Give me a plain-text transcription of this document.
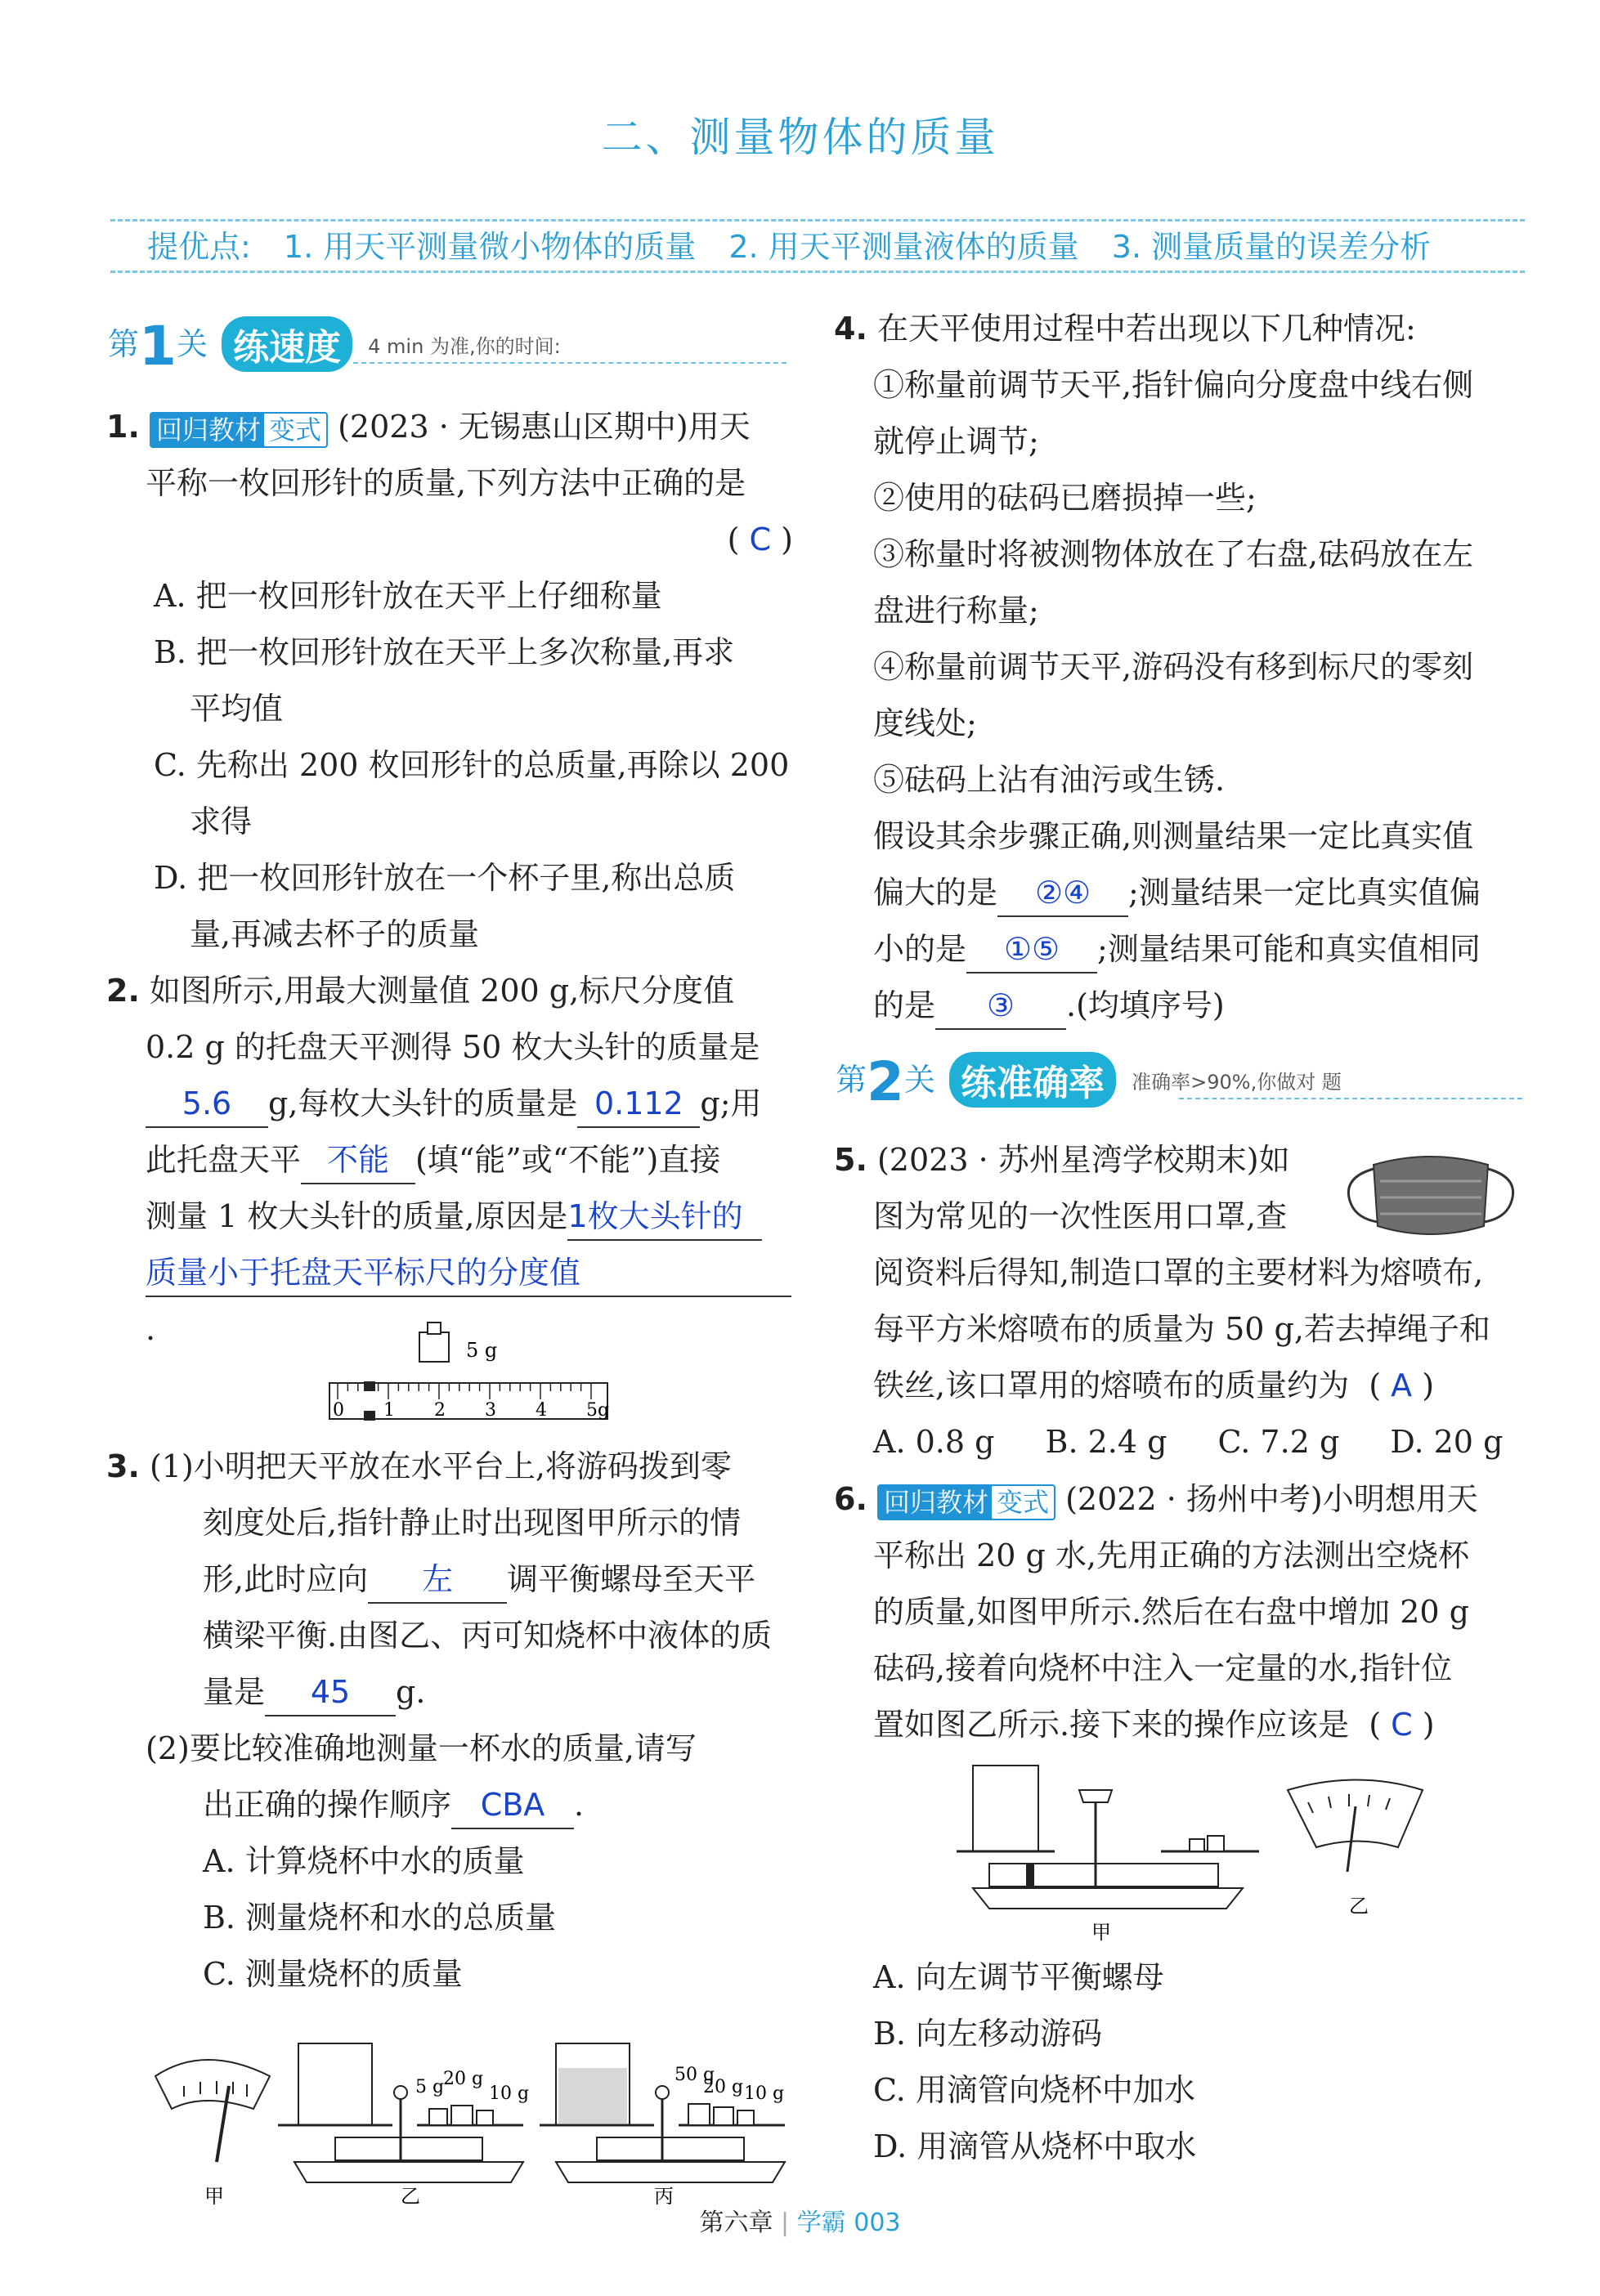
二、测量物体的质量
提优点: 1. 用天平测量微小物体的质量 2. 用天平测量液体的质量 3. 测量质量的误差分析
第1关 练速度 4 min 为准,你的时间:

1. 回归教材 变式 (2023 · 无锡惠山区期中)用天

平称一枚回形针的质量,下列方法中正确的是

( C )

A. 把一枚回形针放在天平上仔细称量

B. 把一枚回形针放在天平上多次称量,再求

平均值

C. 先称出 200 枚回形针的总质量,再除以 200

求得

D. 把一枚回形针放在一个杯子里,称出总质

量,再减去杯子的质量

2. 如图所示,用最大测量值 200 g,标尺分度值

0.2 g 的托盘天平测得 50 枚大头针的质量是

5.6 g,每枚大头针的质量是 0.112 g;用

此托盘天平 不能 (填“能”或“不能”)直接

测量 1 枚大头针的质量,原因是1枚大头针的

质量小于托盘天平标尺的分度值.

5 g
0 1 2 3 4 5g

3. (1)小明把天平放在水平台上,将游码拨到零

刻度处后,指针静止时出现图甲所示的情

形,此时应向 左 调平衡螺母至天平

横梁平衡.由图乙、丙可知烧杯中液体的质

量是 45 g.

(2)要比较准确地测量一杯水的质量,请写

出正确的操作顺序 CBA .

A. 计算烧杯中水的质量

B. 测量烧杯和水的总质量

C. 测量烧杯的质量

甲
5 g
20 g
10 g
乙
50 g
20 g 10 g
丙

4. 在天平使用过程中若出现以下几种情况:

①称量前调节天平,指针偏向分度盘中线右侧

就停止调节;

②使用的砝码已磨损掉一些;

③称量时将被测物体放在了右盘,砝码放在左

盘进行称量;

④称量前调节天平,游码没有移到标尺的零刻

度线处;

⑤砝码上沾有油污或生锈.

假设其余步骤正确,则测量结果一定比真实值

偏大的是 ②④ ;测量结果一定比真实值偏

小的是 ①⑤ ;测量结果可能和真实值相同

的是 ③ .(均填序号)

第2关 练准确率 准确率>90%,你做对 题

5. (2023 · 苏州星湾学校期末)如

图为常见的一次性医用口罩,查

阅资料后得知,制造口罩的主要材料为熔喷布,

每平方米熔喷布的质量为 50 g,若去掉绳子和

铁丝,该口罩用的熔喷布的质量约为  ( A )

A. 0.8 g B. 2.4 g C. 7.2 g D. 20 g

6. 回归教材 变式 (2022 · 扬州中考)小明想用天

平称出 20 g 水,先用正确的方法测出空烧杯

的质量,如图甲所示.然后在右盘中增加 20 g

砝码,接着向烧杯中注入一定量的水,指针位

置如图乙所示.接下来的操作应该是  ( C )

甲
乙

A. 向左调节平衡螺母

B. 向左移动游码

C. 用滴管向烧杯中加水

D. 用滴管从烧杯中取水

第六章 | 学霸 003
